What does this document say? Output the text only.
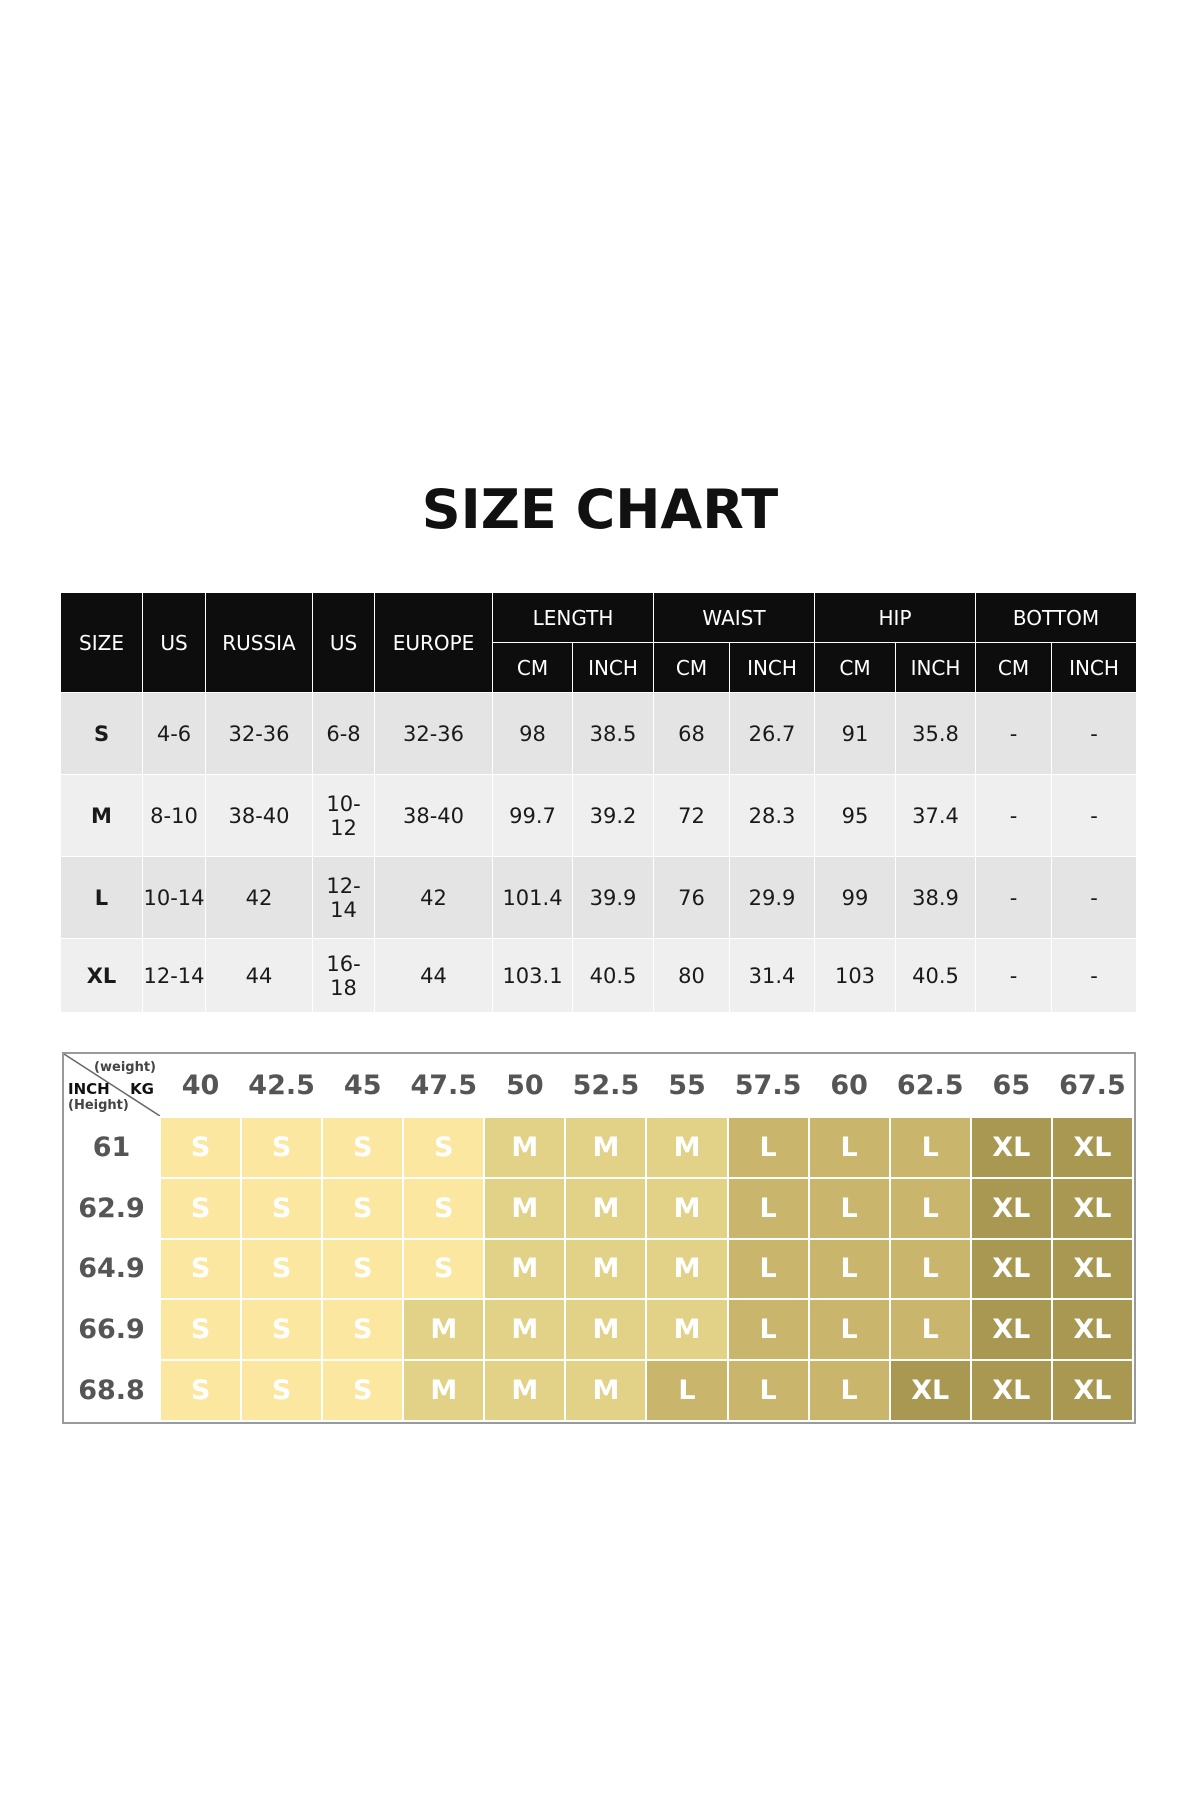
SIZE CHART
SIZE	US	RUSSIA	US	EUROPE	LENGTH		WAIST		HIP		BOTTOM	
					CM	INCH	CM	INCH	CM	INCH	CM	INCH
S	4-6	32-36	6-8	32-36	98	38.5	68	26.7	91	35.8	-	-
M	8-10	38-40	10-12	38-40	99.7	39.2	72	28.3	95	37.4	-	-
L	10-14	42	12-14	42	101.4	39.9	76	29.9	99	38.9	-	-
XL	12-14	44	16-18	44	103.1	40.5	80	31.4	103	40.5	-	-
(weight)
KG
INCH
(Height)	40	42.5	45	47.5	50	52.5	55	57.5	60	62.5	65	67.5
61	S	S	S	S	M	M	M	L	L	L	XL	XL
62.9	S	S	S	S	M	M	M	L	L	L	XL	XL
64.9	S	S	S	S	M	M	M	L	L	L	XL	XL
66.9	S	S	S	M	M	M	M	L	L	L	XL	XL
68.8	S	S	S	M	M	M	L	L	L	XL	XL	XL
